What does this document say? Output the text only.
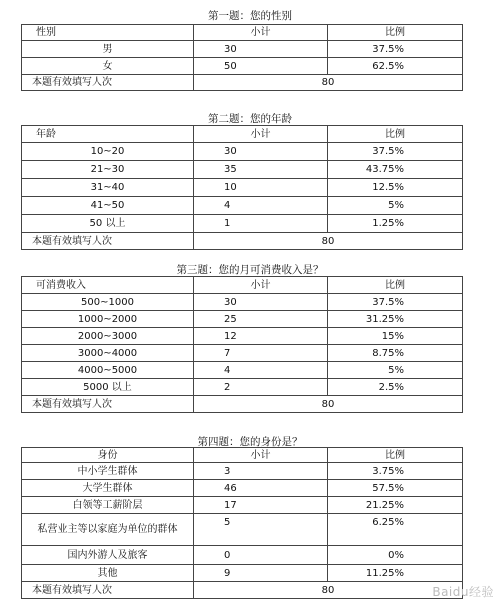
第一题：您的性别
性别	小计	比例
男	30	37.5%
女	50	62.5%
本题有效填写人次	80	
第二题：您的年龄
年龄	小计	比例
10~20	30	37.5%
21~30	35	43.75%
31~40	10	12.5%
41~50	4	5%
50 以上	1	1.25%
本题有效填写人次	80	
第三题：您的月可消费收入是？
可消费收入	小计	比例
500~1000	30	37.5%
1000~2000	25	31.25%
2000~3000	12	15%
3000~4000	7	8.75%
4000~5000	4	5%
5000 以上	2	2.5%
本题有效填写人次	80	
第四题：您的身份是？
身份	小计	比例
中小学生群体	3	3.75%
大学生群体	46	57.5%
白领等工薪阶层	17	21.25%
私营业主等以家庭为单位的群体	5	6.25%
国内外游人及旅客	0	0%
其他	9	11.25%
本题有效填写人次	80		Baidu经验
